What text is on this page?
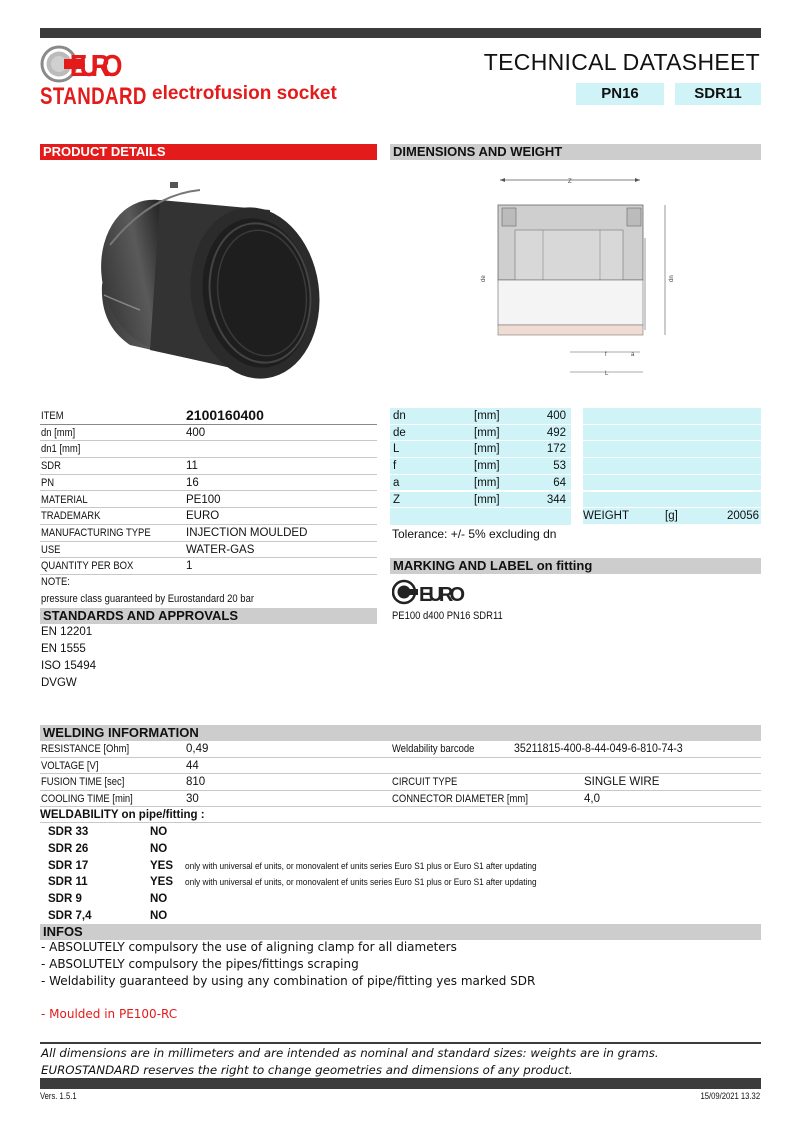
EURO
STANDARD electrofusion socket
TECHNICAL DATASHEET
PN16	SDR11
PRODUCT DETAILS	DIMENSIONS AND WEIGHT
Z
de	dn
f	a
L
ITEM	2100160400
dn [mm]	400
dn1 [mm]
SDR	11
PN	16
MATERIAL	PE100
TRADEMARK	EURO
MANUFACTURING TYPE	INJECTION MOULDED
USE	WATER-GAS
QUANTITY PER BOX	1
NOTE:
pressure class guaranteed by Eurostandard 20 bar
dn	[mm]	400
de	[mm]	492
L	[mm]	172
f	[mm]	53
a	[mm]	64
Z	[mm]	344
WEIGHT	[g]	20056
Tolerance: +/- 5% excluding dn
MARKING AND LABEL on fitting
EURO
PE100 d400 PN16 SDR11
STANDARDS AND APPROVALS
EN 12201
EN 1555
ISO 15494
DVGW
WELDING INFORMATION
RESISTANCE [Ohm]	0,49	Weldability barcode	35211815-400-8-44-049-6-810-74-3
VOLTAGE [V]	44
FUSION TIME [sec]	810	CIRCUIT TYPE	SINGLE WIRE
COOLING TIME [min]	30	CONNECTOR DIAMETER [mm]	4,0
WELDABILITY on pipe/fitting :
SDR 33	NO
SDR 26	NO
SDR 17	YES only with universal ef units, or monovalent ef units series Euro S1 plus or Euro S1 after updating
SDR 11	YES only with universal ef units, or monovalent ef units series Euro S1 plus or Euro S1 after updating
SDR 9	NO
SDR 7,4	NO
INFOS
- ABSOLUTELY compulsory the use of aligning clamp for all diameters
- ABSOLUTELY compulsory the pipes/fittings scraping
- Weldability guaranteed by using any combination of pipe/fitting yes marked SDR
- Moulded in PE100-RC
All dimensions are in millimeters and are intended as nominal and standard sizes: weights are in grams.
EUROSTANDARD reserves the right to change geometries and dimensions of any product.
Vers. 1.5.1	15/09/2021 13.32
